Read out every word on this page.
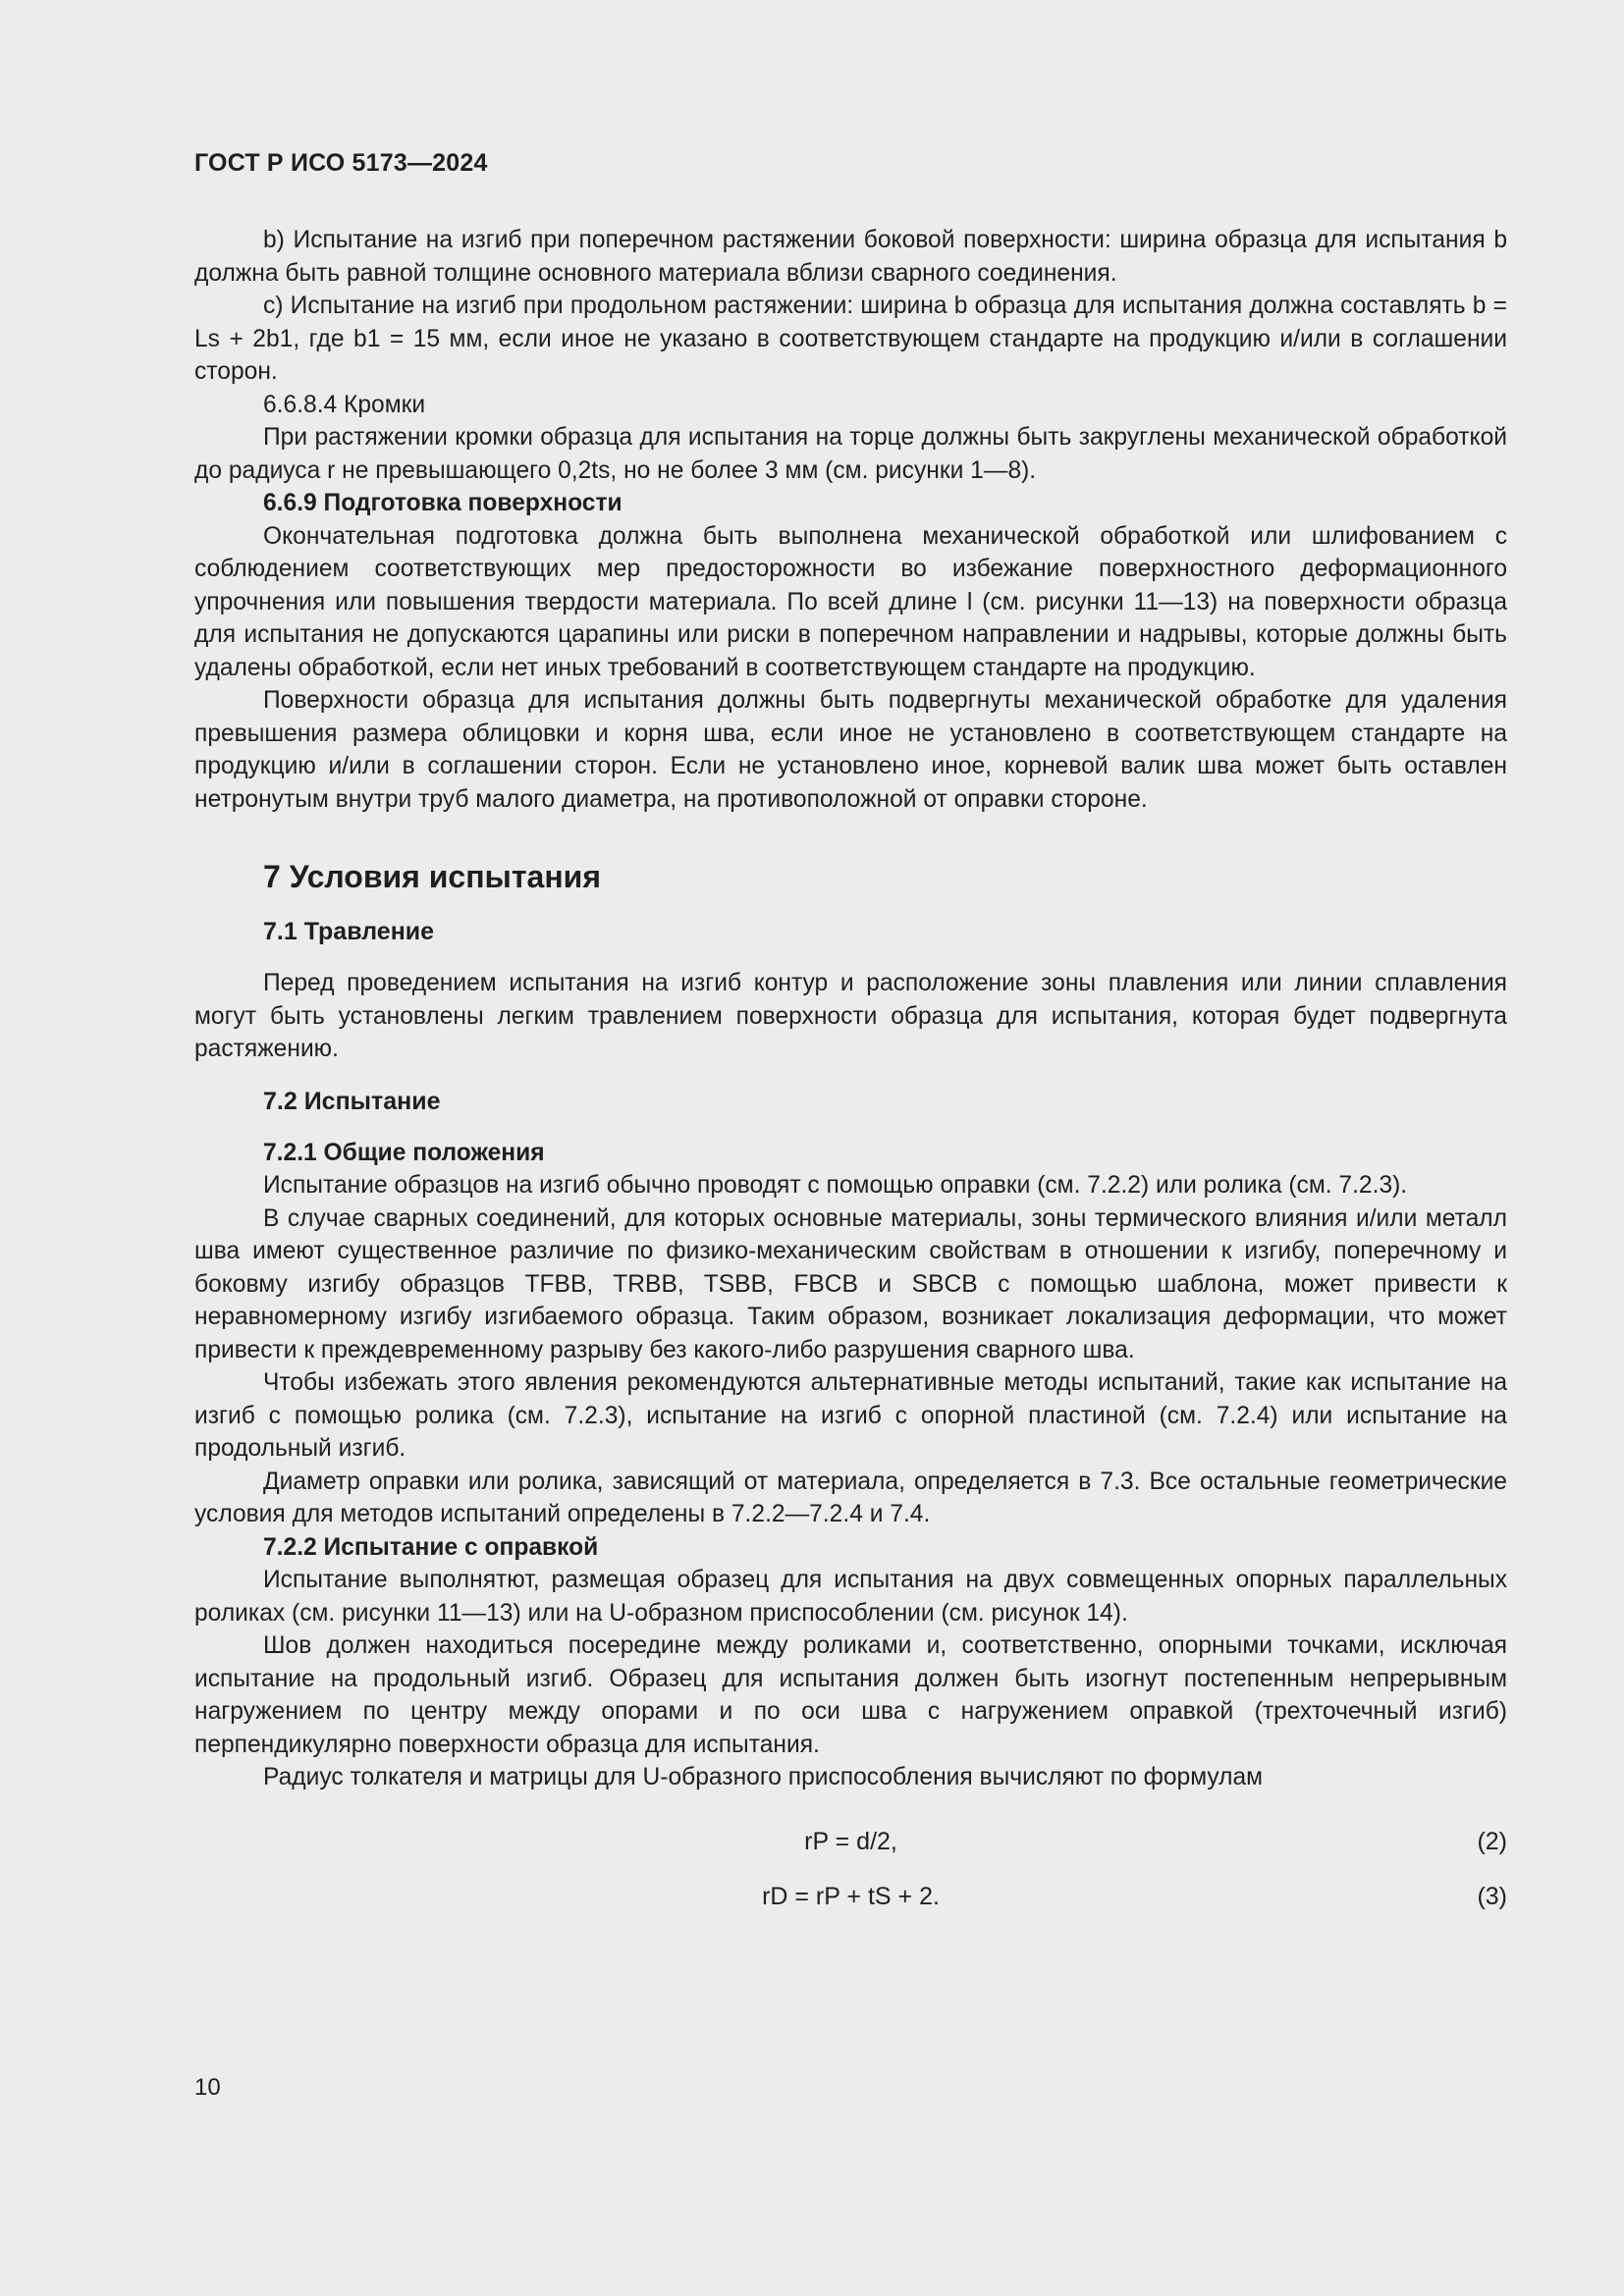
ГОСТ Р ИСО 5173—2024

b) Испытание на изгиб при поперечном растяжении боковой поверхности: ширина образца для испытания b должна быть равной толщине основного материала вблизи сварного соединения.

с) Испытание на изгиб при продольном растяжении: ширина b образца для испытания должна составлять b = Ls + 2b1, где b1 = 15 мм, если иное не указано в соответствующем стандарте на продукцию и/или в соглашении сторон.

6.6.8.4 Кромки

При растяжении кромки образца для испытания на торце должны быть закруглены механической обработкой до радиуса r не превышающего 0,2ts, но не более 3 мм (см. рисунки 1—8).

6.6.9 Подготовка поверхности

Окончательная подготовка должна быть выполнена механической обработкой или шлифованием с соблюдением соответствующих мер предосторожности во избежание поверхностного деформационного упрочнения или повышения твердости материала. По всей длине l (см. рисунки 11—13) на поверхности образца для испытания не допускаются царапины или риски в поперечном направлении и надрывы, которые должны быть удалены обработкой, если нет иных требований в соответствующем стандарте на продукцию.

Поверхности образца для испытания должны быть подвергнуты механической обработке для удаления превышения размера облицовки и корня шва, если иное не установлено в соответствующем стандарте на продукцию и/или в соглашении сторон. Если не установлено иное, корневой валик шва может быть оставлен нетронутым внутри труб малого диаметра, на противоположной от оправки стороне.

7 Условия испытания
7.1 Травление

Перед проведением испытания на изгиб контур и расположение зоны плавления или линии сплавления могут быть установлены легким травлением поверхности образца для испытания, которая будет подвергнута растяжению.

7.2 Испытание

7.2.1 Общие положения

Испытание образцов на изгиб обычно проводят с помощью оправки (см. 7.2.2) или ролика (см. 7.2.3).

В случае сварных соединений, для которых основные материалы, зоны термического влияния и/или металл шва имеют существенное различие по физико-механическим свойствам в отношении к изгибу, поперечному и боковму изгибу образцов TFBB, TRBB, TSBB, FBCB и SBCB с помощью шаблона, может привести к неравномерному изгибу изгибаемого образца. Таким образом, возникает локализация деформации, что может привести к преждевременному разрыву без какого-либо разрушения сварного шва.

Чтобы избежать этого явления рекомендуются альтернативные методы испытаний, такие как испытание на изгиб с помощью ролика (см. 7.2.3), испытание на изгиб с опорной пластиной (см. 7.2.4) или испытание на продольный изгиб.

Диаметр оправки или ролика, зависящий от материала, определяется в 7.3. Все остальные геометрические условия для методов испытаний определены в 7.2.2—7.2.4 и 7.4.

7.2.2 Испытание с оправкой

Испытание выполнятют, размещая образец для испытания на двух совмещенных опорных параллельных роликах (см. рисунки 11—13) или на U-образном приспособлении (см. рисунок 14).

Шов должен находиться посередине между роликами и, соответственно, опорными точками, исключая испытание на продольный изгиб. Образец для испытания должен быть изогнут постепенным непрерывным нагружением по центру между опорами и по оси шва с нагружением оправкой (трехточечный изгиб) перпендикулярно поверхности образца для испытания.

Радиус толкателя и матрицы для U-образного приспособления вычисляют по формулам

rP = d/2,	(2)
rD = rP + tS + 2.	(3)
10
